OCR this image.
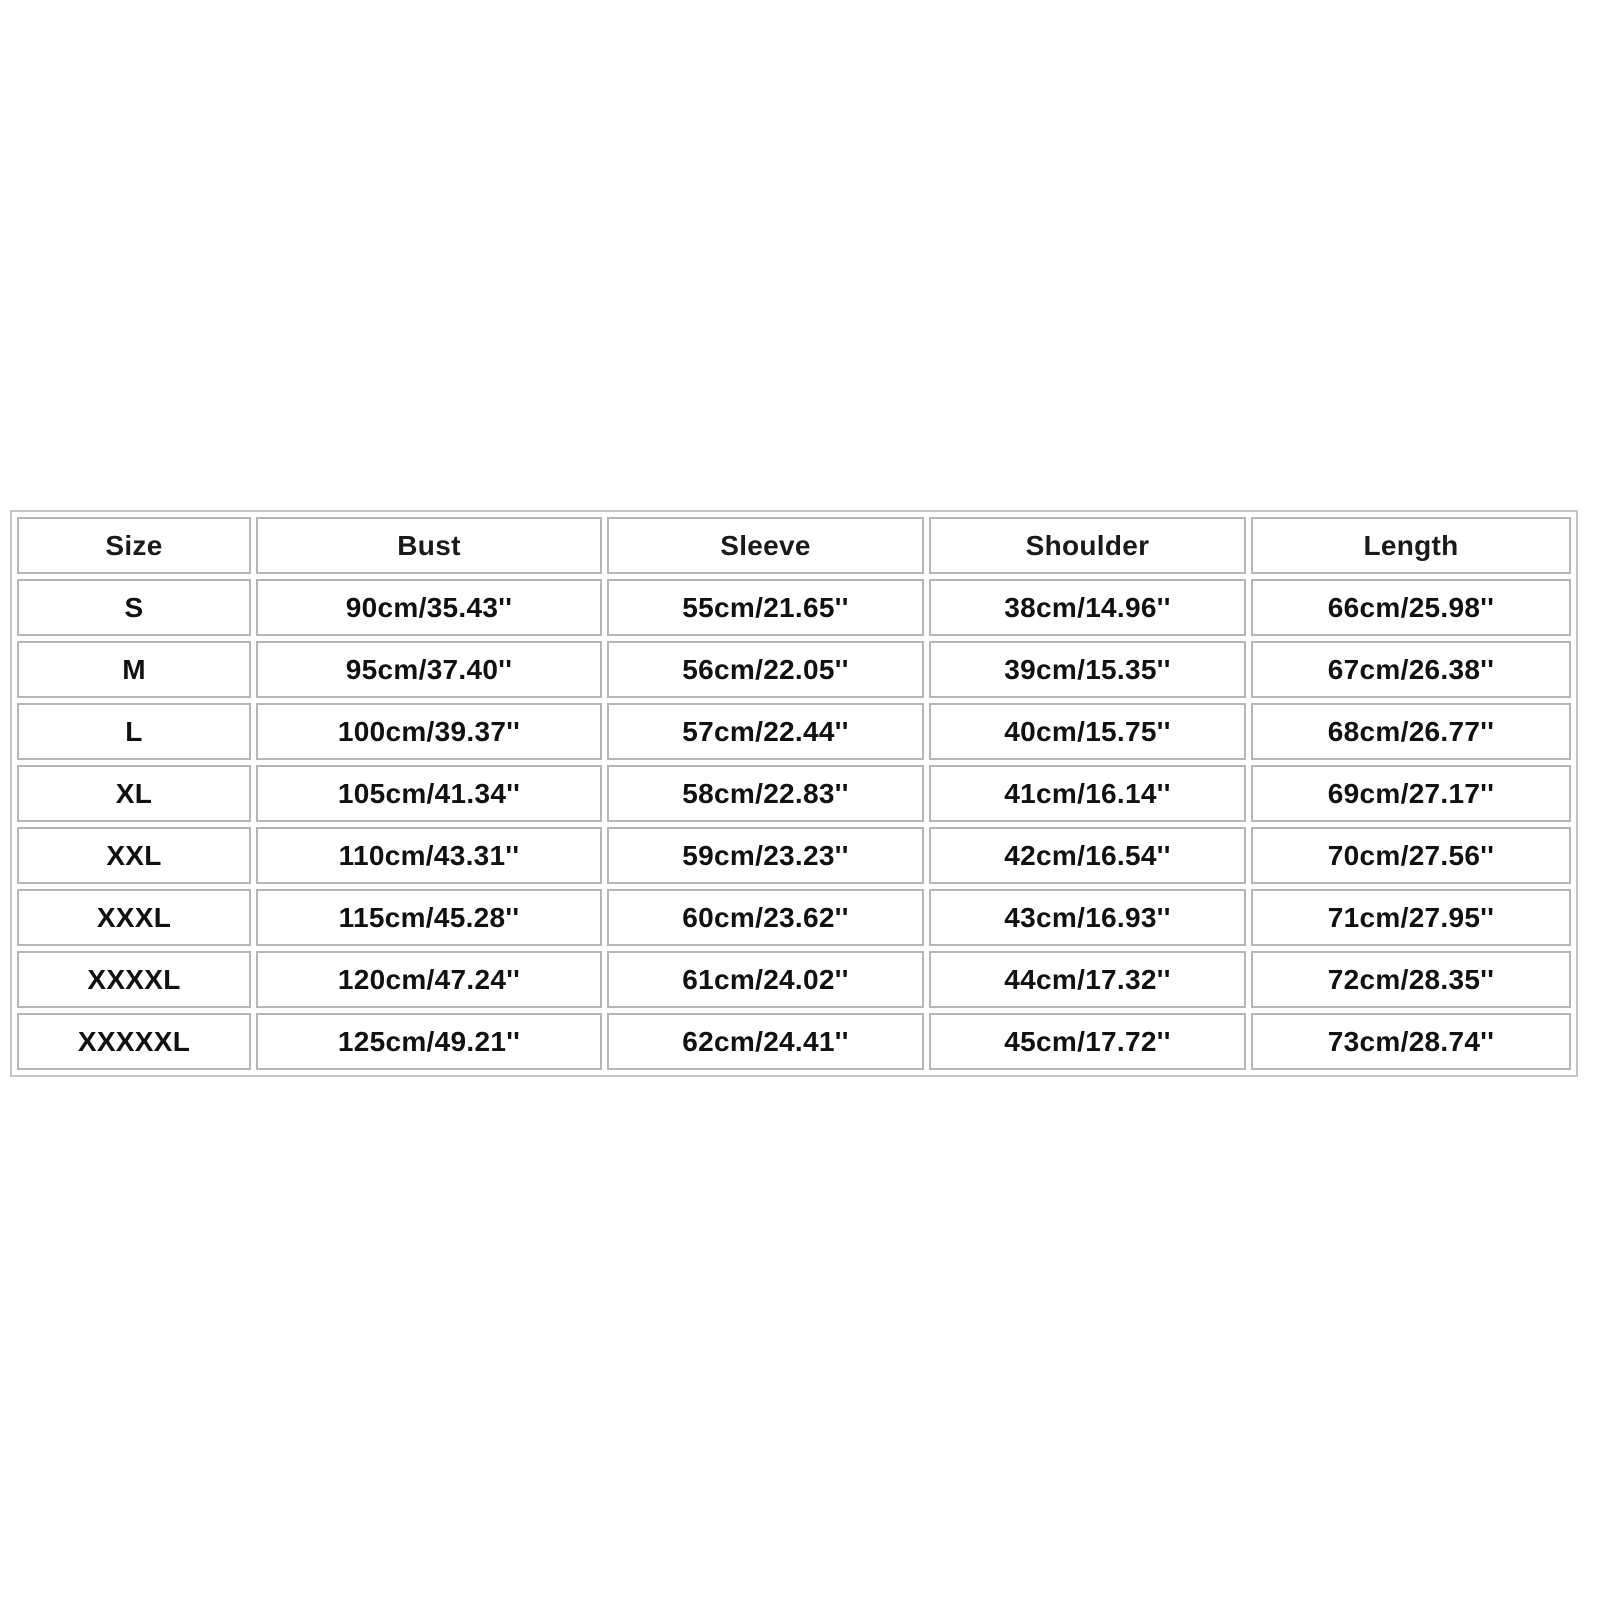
Size	Bust	Sleeve	Shoulder	Length
S	90cm/35.43''	55cm/21.65''	38cm/14.96''	66cm/25.98''
M	95cm/37.40''	56cm/22.05''	39cm/15.35''	67cm/26.38''
L	100cm/39.37''	57cm/22.44''	40cm/15.75''	68cm/26.77''
XL	105cm/41.34''	58cm/22.83''	41cm/16.14''	69cm/27.17''
XXL	110cm/43.31''	59cm/23.23''	42cm/16.54''	70cm/27.56''
XXXL	115cm/45.28''	60cm/23.62''	43cm/16.93''	71cm/27.95''
XXXXL	120cm/47.24''	61cm/24.02''	44cm/17.32''	72cm/28.35''
XXXXXL	125cm/49.21''	62cm/24.41''	45cm/17.72''	73cm/28.74''
